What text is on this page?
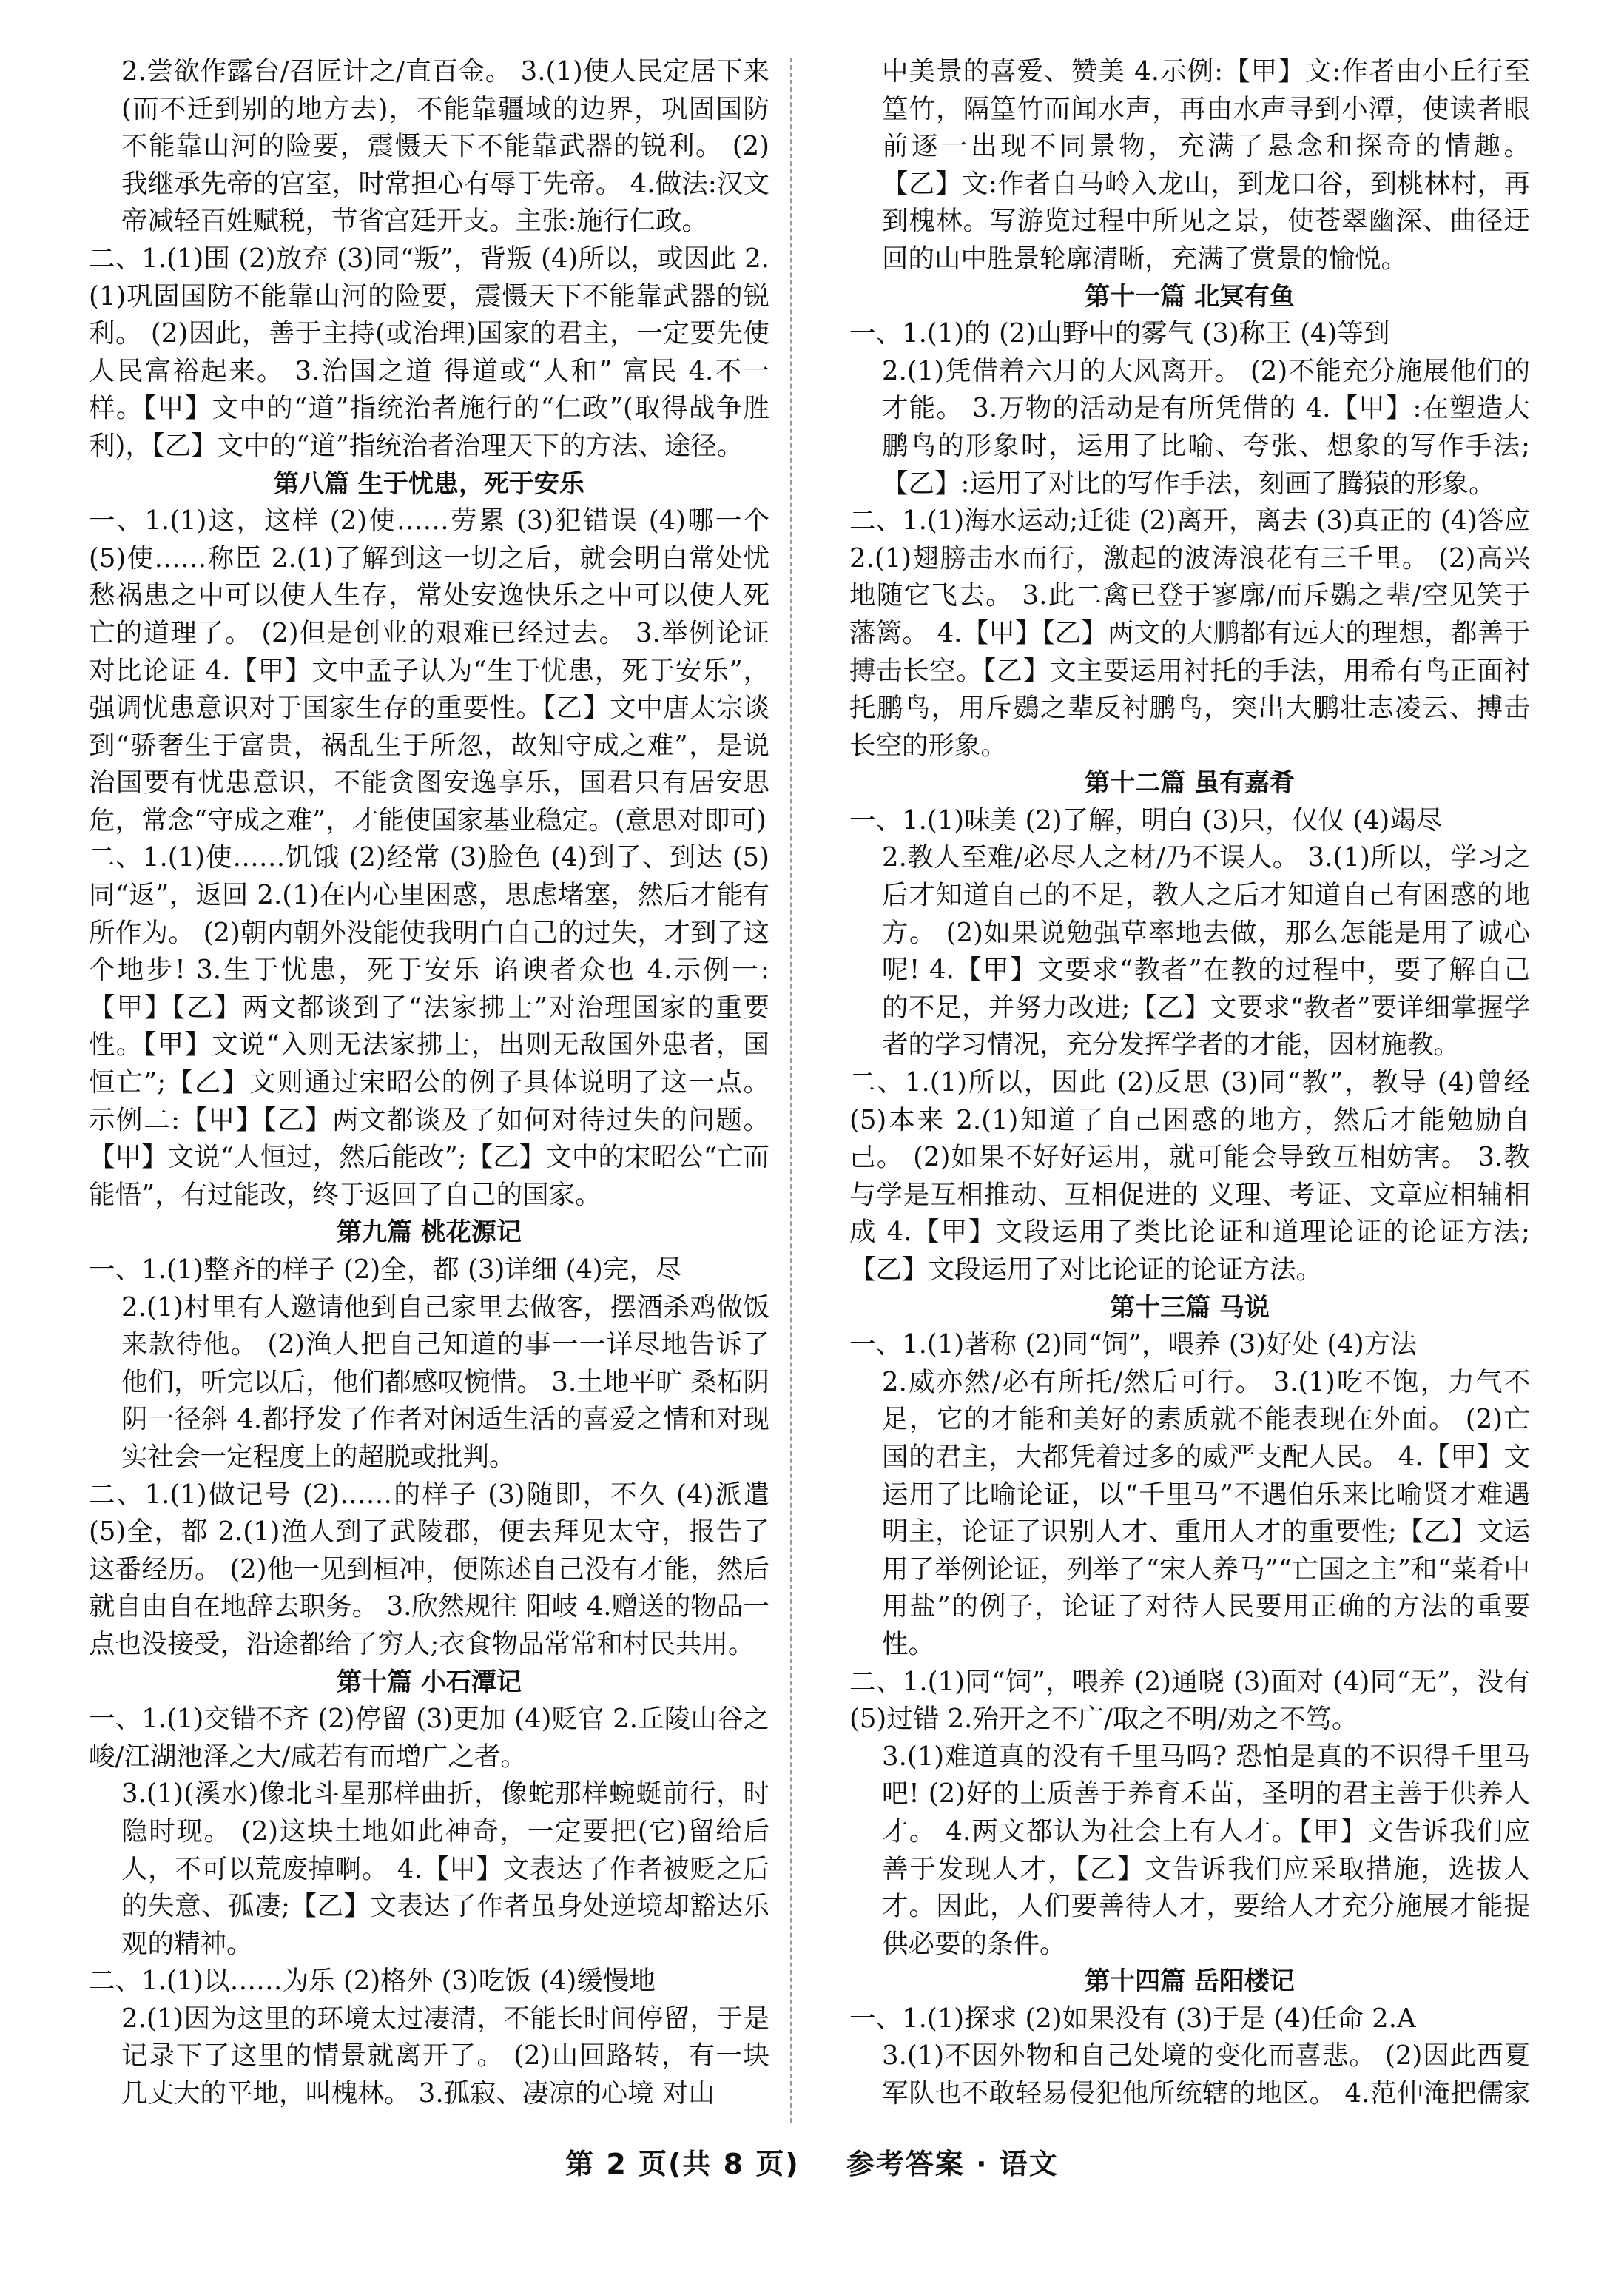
2.尝欲作露台/召匠计之/直百金。 3.(1)使人民定居下来(而不迁到别的地方去)，不能靠疆域的边界，巩固国防不能靠山河的险要，震慑天下不能靠武器的锐利。 (2)我继承先帝的宫室，时常担心有辱于先帝。 4.做法:汉文帝减轻百姓赋税，节省宫廷开支。主张:施行仁政。
二、1.(1)围 (2)放弃 (3)同“叛”，背叛 (4)所以，或因此 2.(1)巩固国防不能靠山河的险要，震慑天下不能靠武器的锐利。 (2)因此，善于主持(或治理)国家的君主，一定要先使人民富裕起来。 3.治国之道 得道或“人和” 富民 4.不一样。【甲】文中的“道”指统治者施行的“仁政”(取得战争胜利)，【乙】文中的“道”指统治者治理天下的方法、途径。
第八篇 生于忧患，死于安乐
一、1.(1)这，这样 (2)使……劳累 (3)犯错误 (4)哪一个 (5)使……称臣 2.(1)了解到这一切之后，就会明白常处忧愁祸患之中可以使人生存，常处安逸快乐之中可以使人死亡的道理了。 (2)但是创业的艰难已经过去。 3.举例论证 对比论证 4.【甲】文中孟子认为“生于忧患，死于安乐”，强调忧患意识对于国家生存的重要性。【乙】文中唐太宗谈到“骄奢生于富贵，祸乱生于所忽，故知守成之难”，是说治国要有忧患意识，不能贪图安逸享乐，国君只有居安思危，常念“守成之难”，才能使国家基业稳定。(意思对即可)
二、1.(1)使……饥饿 (2)经常 (3)脸色 (4)到了、到达 (5)同“返”，返回 2.(1)在内心里困惑，思虑堵塞，然后才能有所作为。 (2)朝内朝外没能使我明白自己的过失，才到了这个地步! 3.生于忧患，死于安乐 谄谀者众也 4.示例一:【甲】【乙】两文都谈到了“法家拂士”对治理国家的重要性。【甲】文说“入则无法家拂士，出则无敌国外患者，国恒亡”;【乙】文则通过宋昭公的例子具体说明了这一点。 示例二:【甲】【乙】两文都谈及了如何对待过失的问题。【甲】文说“人恒过，然后能改”;【乙】文中的宋昭公“亡而能悟”，有过能改，终于返回了自己的国家。
第九篇 桃花源记
一、1.(1)整齐的样子 (2)全，都 (3)详细 (4)完，尽
2.(1)村里有人邀请他到自己家里去做客，摆酒杀鸡做饭来款待他。 (2)渔人把自己知道的事一一详尽地告诉了他们，听完以后，他们都感叹惋惜。 3.土地平旷 桑柘阴阴一径斜 4.都抒发了作者对闲适生活的喜爱之情和对现实社会一定程度上的超脱或批判。
二、1.(1)做记号 (2)……的样子 (3)随即，不久 (4)派遣 (5)全，都 2.(1)渔人到了武陵郡，便去拜见太守，报告了这番经历。 (2)他一见到桓冲，便陈述自己没有才能，然后就自由自在地辞去职务。 3.欣然规往 阳岐 4.赠送的物品一点也没接受，沿途都给了穷人;衣食物品常常和村民共用。
第十篇 小石潭记
一、1.(1)交错不齐 (2)停留 (3)更加 (4)贬官 2.丘陵山谷之峻/江湖池泽之大/咸若有而增广之者。
3.(1)(溪水)像北斗星那样曲折，像蛇那样蜿蜒前行，时隐时现。 (2)这块土地如此神奇，一定要把(它)留给后人，不可以荒废掉啊。 4.【甲】文表达了作者被贬之后的失意、孤凄;【乙】文表达了作者虽身处逆境却豁达乐观的精神。
二、1.(1)以……为乐 (2)格外 (3)吃饭 (4)缓慢地
2.(1)因为这里的环境太过凄清，不能长时间停留，于是记录下了这里的情景就离开了。 (2)山回路转，有一块几丈大的平地，叫槐林。 3.孤寂、凄凉的心境 对山
中美景的喜爱、赞美 4.示例:【甲】文:作者由小丘行至篁竹，隔篁竹而闻水声，再由水声寻到小潭，使读者眼前逐一出现不同景物，充满了悬念和探奇的情趣。 【乙】文:作者自马岭入龙山，到龙口谷，到桃林村，再到槐林。写游览过程中所见之景，使苍翠幽深、曲径迂回的山中胜景轮廓清晰，充满了赏景的愉悦。
第十一篇 北冥有鱼
一、1.(1)的 (2)山野中的雾气 (3)称王 (4)等到
2.(1)凭借着六月的大风离开。 (2)不能充分施展他们的才能。 3.万物的活动是有所凭借的 4.【甲】:在塑造大鹏鸟的形象时，运用了比喻、夸张、想象的写作手法;【乙】:运用了对比的写作手法，刻画了腾猿的形象。
二、1.(1)海水运动;迁徙 (2)离开，离去 (3)真正的 (4)答应 2.(1)翅膀击水而行，激起的波涛浪花有三千里。 (2)高兴地随它飞去。 3.此二禽已登于寥廓/而斥鷃之辈/空见笑于藩篱。 4.【甲】【乙】两文的大鹏都有远大的理想，都善于搏击长空。【乙】文主要运用衬托的手法，用希有鸟正面衬托鹏鸟，用斥鷃之辈反衬鹏鸟，突出大鹏壮志凌云、搏击长空的形象。
第十二篇 虽有嘉肴
一、1.(1)味美 (2)了解，明白 (3)只，仅仅 (4)竭尽
2.教人至难/必尽人之材/乃不误人。 3.(1)所以，学习之后才知道自己的不足，教人之后才知道自己有困惑的地方。 (2)如果说勉强草率地去做，那么怎能是用了诚心呢! 4.【甲】文要求“教者”在教的过程中，要了解自己的不足，并努力改进;【乙】文要求“教者”要详细掌握学者的学习情况，充分发挥学者的才能，因材施教。
二、1.(1)所以，因此 (2)反思 (3)同“教”，教导 (4)曾经 (5)本来 2.(1)知道了自己困惑的地方，然后才能勉励自己。 (2)如果不好好运用，就可能会导致互相妨害。 3.教与学是互相推动、互相促进的 义理、考证、文章应相辅相成 4.【甲】文段运用了类比论证和道理论证的论证方法;【乙】文段运用了对比论证的论证方法。
第十三篇 马说
一、1.(1)著称 (2)同“饲”，喂养 (3)好处 (4)方法
2.威亦然/必有所托/然后可行。 3.(1)吃不饱，力气不足，它的才能和美好的素质就不能表现在外面。 (2)亡国的君主，大都凭着过多的威严支配人民。 4.【甲】文运用了比喻论证，以“千里马”不遇伯乐来比喻贤才难遇明主，论证了识别人才、重用人才的重要性;【乙】文运用了举例论证，列举了“宋人养马”“亡国之主”和“菜肴中用盐”的例子，论证了对待人民要用正确的方法的重要性。
二、1.(1)同“饲”，喂养 (2)通晓 (3)面对 (4)同“无”，没有 (5)过错 2.殆开之不广/取之不明/劝之不笃。
3.(1)难道真的没有千里马吗? 恐怕是真的不识得千里马吧! (2)好的土质善于养育禾苗，圣明的君主善于供养人才。 4.两文都认为社会上有人才。【甲】文告诉我们应善于发现人才，【乙】文告诉我们应采取措施，选拔人才。因此，人们要善待人才，要给人才充分施展才能提供必要的条件。
第十四篇 岳阳楼记
一、1.(1)探求 (2)如果没有 (3)于是 (4)任命 2.A
3.(1)不因外物和自己处境的变化而喜悲。 (2)因此西夏军队也不敢轻易侵犯他所统辖的地区。 4.范仲淹把儒家
第 2 页(共 8 页) 参考答案 · 语文
